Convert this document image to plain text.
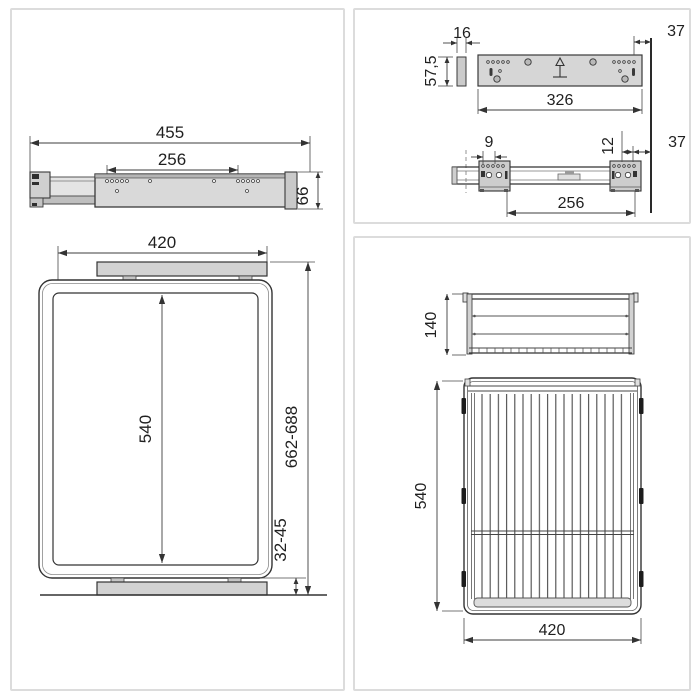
455
256
66
420
540
32-45
662-688
16
57,5
326
37
9	12	37
256
140
540
420
